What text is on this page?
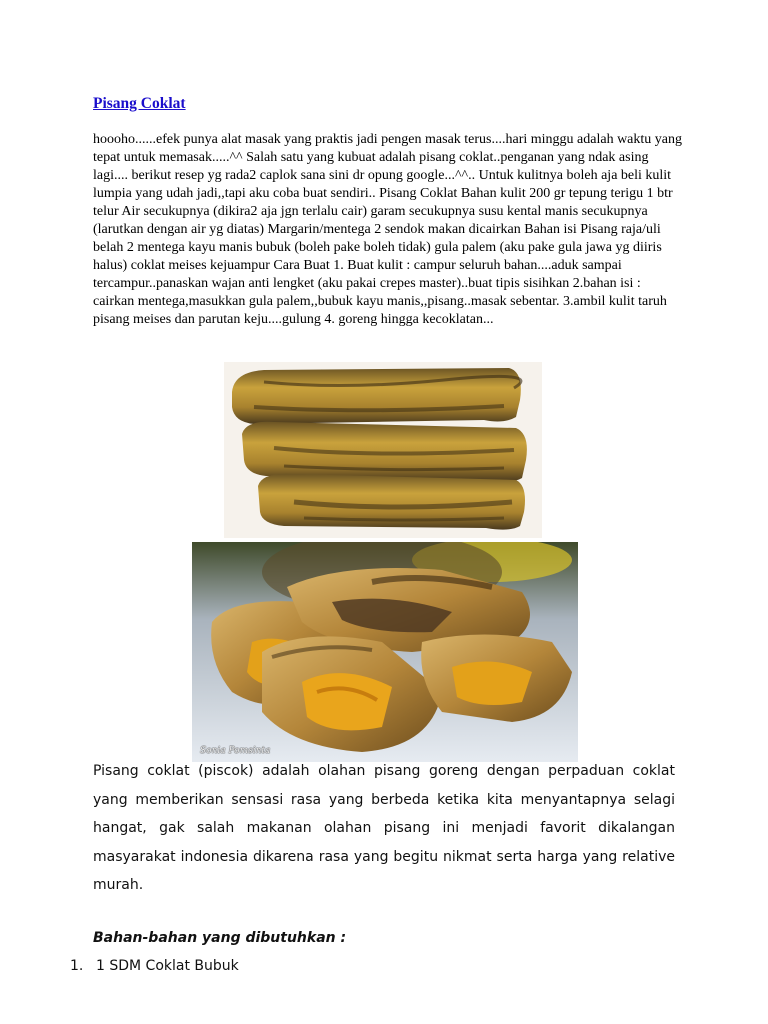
Pisang Coklat

hoooho......efek punya alat masak yang praktis jadi pengen masak terus....hari minggu adalah waktu yang tepat untuk memasak.....^^ Salah satu yang kubuat adalah pisang coklat..penganan yang ndak asing lagi.... berikut resep yg rada2 caplok sana sini dr opung google...^^.. Untuk kulitnya boleh aja beli kulit lumpia yang udah jadi,,tapi aku coba buat sendiri.. Pisang Coklat Bahan kulit 200 gr tepung terigu 1 btr telur Air secukupnya (dikira2 aja jgn terlalu cair) garam secukupnya susu kental manis secukupnya (larutkan dengan air yg diatas) Margarin/mentega 2 sendok makan dicairkan Bahan isi Pisang raja/uli belah 2 mentega kayu manis bubuk (boleh pake boleh tidak) gula palem (aku pake gula jawa yg diiris halus) coklat meises kejuampur Cara Buat 1. Buat kulit : campur seluruh bahan....aduk sampai tercampur..panaskan wajan anti lengket (aku pakai crepes master)..buat tipis sisihkan 2.bahan isi : cairkan mentega,masukkan gula palem,,bubuk kayu manis,,pisang..masak sebentar. 3.ambil kulit taruh pisang meises dan parutan keju....gulung 4. goreng hingga kecoklatan...

Sonia Pomsinta

Pisang coklat (piscok) adalah olahan pisang goreng dengan perpaduan coklat yang memberikan sensasi rasa yang berbeda ketika kita menyantapnya selagi hangat, gak salah makanan olahan pisang ini menjadi favorit dikalangan masyarakat indonesia dikarena rasa yang begitu nikmat serta harga yang relative murah.

Bahan-bahan yang dibutuhkan :

1. 1 SDM Coklat Bubuk
